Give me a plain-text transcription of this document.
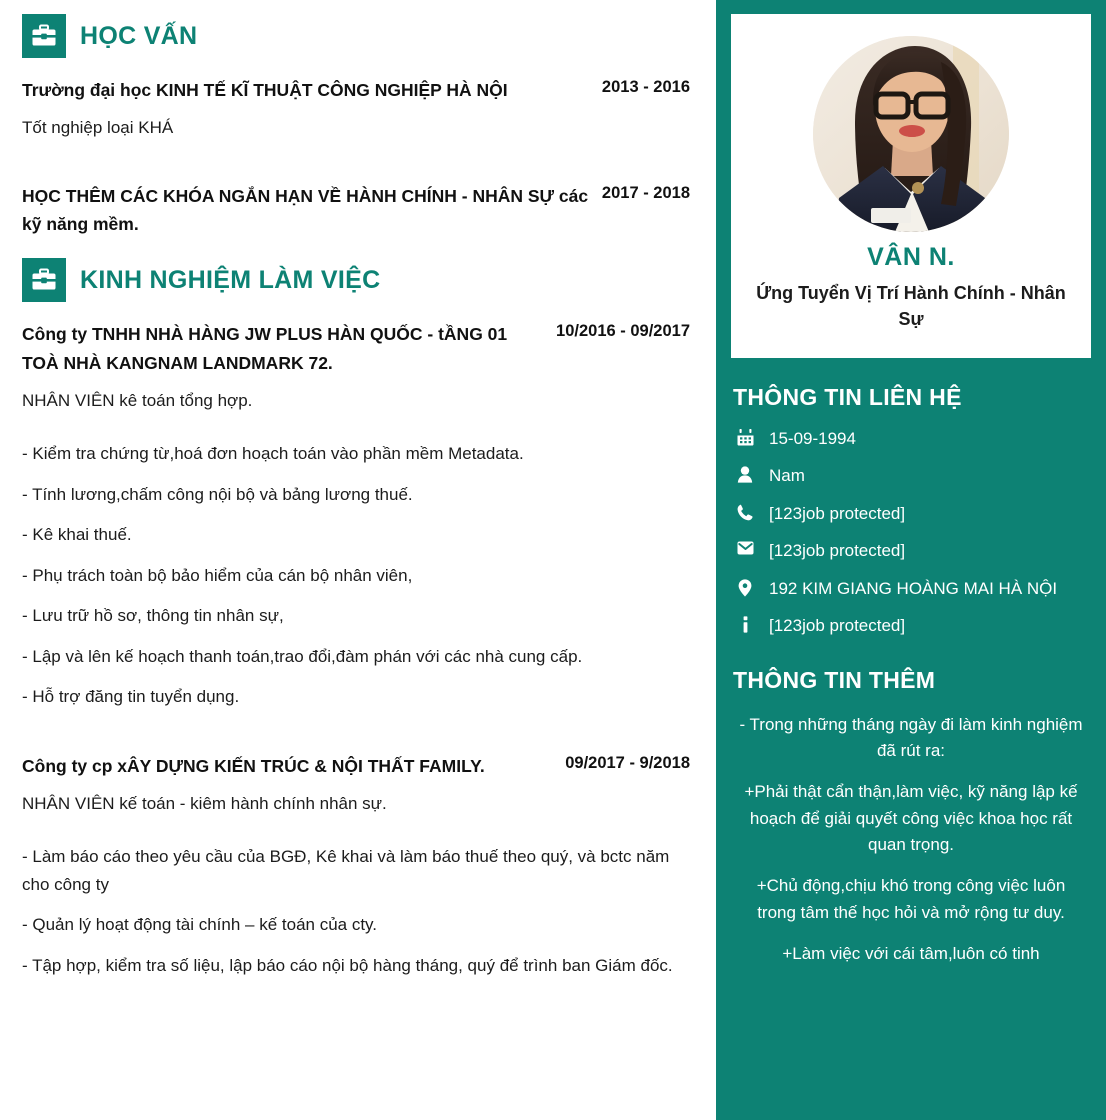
HỌC VẤN
Trường đại học KINH TẾ KĨ THUẬT CÔNG NGHIỆP HÀ NỘI	2013 - 2016
Tốt nghiệp loại KHÁ
HỌC THÊM CÁC KHÓA NGẮN HẠN VỀ HÀNH CHÍNH - NHÂN SỰ các kỹ năng mềm.
2017 - 2018
KINH NGHIỆM LÀM VIỆC
Công ty TNHH NHÀ HÀNG JW PLUS HÀN QUỐC - tẦNG 01 TOÀ NHÀ KANGNAM LANDMARK 72.
10/2016 - 09/2017
NHÂN VIÊN kê toán tổng hợp.
- Kiểm tra chứng từ,hoá đơn hoạch toán vào phần mềm Metadata.
- Tính lương,chấm công nội bộ và bảng lương thuế.
- Kê khai thuế.
- Phụ trách toàn bộ bảo hiểm của cán bộ nhân viên,
- Lưu trữ hồ sơ, thông tin nhân sự,
- Lập và lên kế hoạch thanh toán,trao đổi,đàm phán với các nhà cung cấp.
- Hỗ trợ đăng tin tuyển dụng.
Công ty cp xÂY DỰNG KIẾN TRÚC & NỘI THẤT FAMILY.	09/2017 - 9/2018
NHÂN VIÊN kế toán - kiêm hành chính nhân sự.
- Làm báo cáo theo yêu cầu của BGĐ, Kê khai và làm báo thuế theo quý, và bctc năm cho công ty
- Quản lý hoạt động tài chính – kế toán của cty.
- Tập hợp, kiểm tra số liệu, lập báo cáo nội bộ hàng tháng, quý để trình ban Giám đốc.
VÂN N.
Ứng Tuyển Vị Trí Hành Chính - Nhân Sự
THÔNG TIN LIÊN HỆ
15-09-1994
Nam
[123job protected]
[123job protected]
192 KIM GIANG HOÀNG MAI HÀ NỘI
[123job protected]
THÔNG TIN THÊM
- Trong những tháng ngày đi làm kinh nghiệm đã rút ra:
+Phải thật cẩn thận,làm việc, kỹ năng lập kế hoạch để giải quyết công việc khoa học rất quan trọng.
+Chủ động,chịu khó trong công việc luôn trong tâm thế học hỏi và mở rộng tư duy.
+Làm việc với cái tâm,luôn có tinh
